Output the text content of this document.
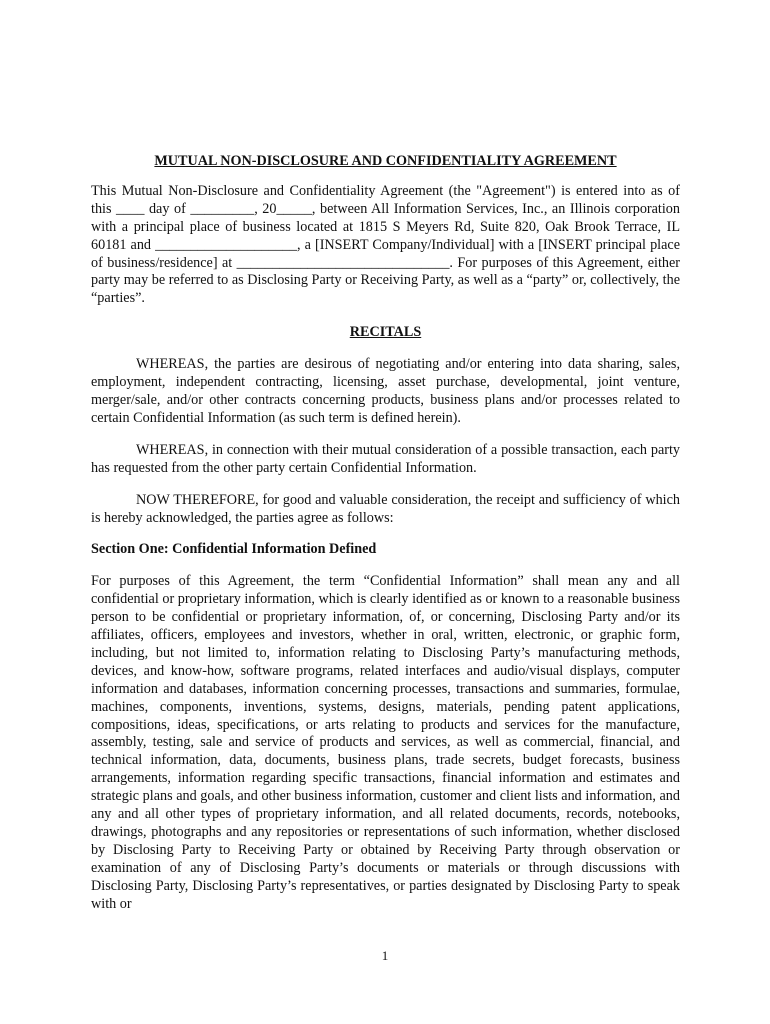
MUTUAL NON-DISCLOSURE AND CONFIDENTIALITY AGREEMENT

This Mutual Non-Disclosure and Confidentiality Agreement (the "Agreement") is entered into as of this ____ day of _________, 20_____, between All Information Services, Inc., an Illinois corporation with a principal place of business located at 1815 S Meyers Rd, Suite 820, Oak Brook Terrace, IL 60181 and ____________________, a [INSERT Company/Individual] with a [INSERT principal place of business/residence] at ______________________________. For purposes of this Agreement, either party may be referred to as Disclosing Party or Receiving Party, as well as a “party” or, collectively, the “parties”.

RECITALS

WHEREAS, the parties are desirous of negotiating and/or entering into data sharing, sales, employment, independent contracting, licensing, asset purchase, developmental, joint venture, merger/sale, and/or other contracts concerning products, business plans and/or processes related to certain Confidential Information (as such term is defined herein).

WHEREAS, in connection with their mutual consideration of a possible transaction, each party has requested from the other party certain Confidential Information.

NOW THEREFORE, for good and valuable consideration, the receipt and sufficiency of which is hereby acknowledged, the parties agree as follows:

Section One: Confidential Information Defined

For purposes of this Agreement, the term “Confidential Information” shall mean any and all confidential or proprietary information, which is clearly identified as or known to a reasonable business person to be confidential or proprietary information, of, or concerning, Disclosing Party and/or its affiliates, officers, employees and investors, whether in oral, written, electronic, or graphic form, including, but not limited to, information relating to Disclosing Party’s manufacturing methods, devices, and know-how, software programs, related interfaces and audio/visual displays, computer information and databases, information concerning processes, transactions and summaries, formulae, machines, components, inventions, systems, designs, materials, pending patent applications, compositions, ideas, specifications, or arts relating to products and services for the manufacture, assembly, testing, sale and service of products and services, as well as commercial, financial, and technical information, data, documents, business plans, trade secrets, budget forecasts, business arrangements, information regarding specific transactions, financial information and estimates and strategic plans and goals, and other business information, customer and client lists and information, and any and all other types of proprietary information, and all related documents, records, notebooks, drawings, photographs and any repositories or representations of such information, whether disclosed by Disclosing Party to Receiving Party or obtained by Receiving Party through observation or examination of any of Disclosing Party’s documents or materials or through discussions with Disclosing Party, Disclosing Party’s representatives, or parties designated by Disclosing Party to speak with or

1
